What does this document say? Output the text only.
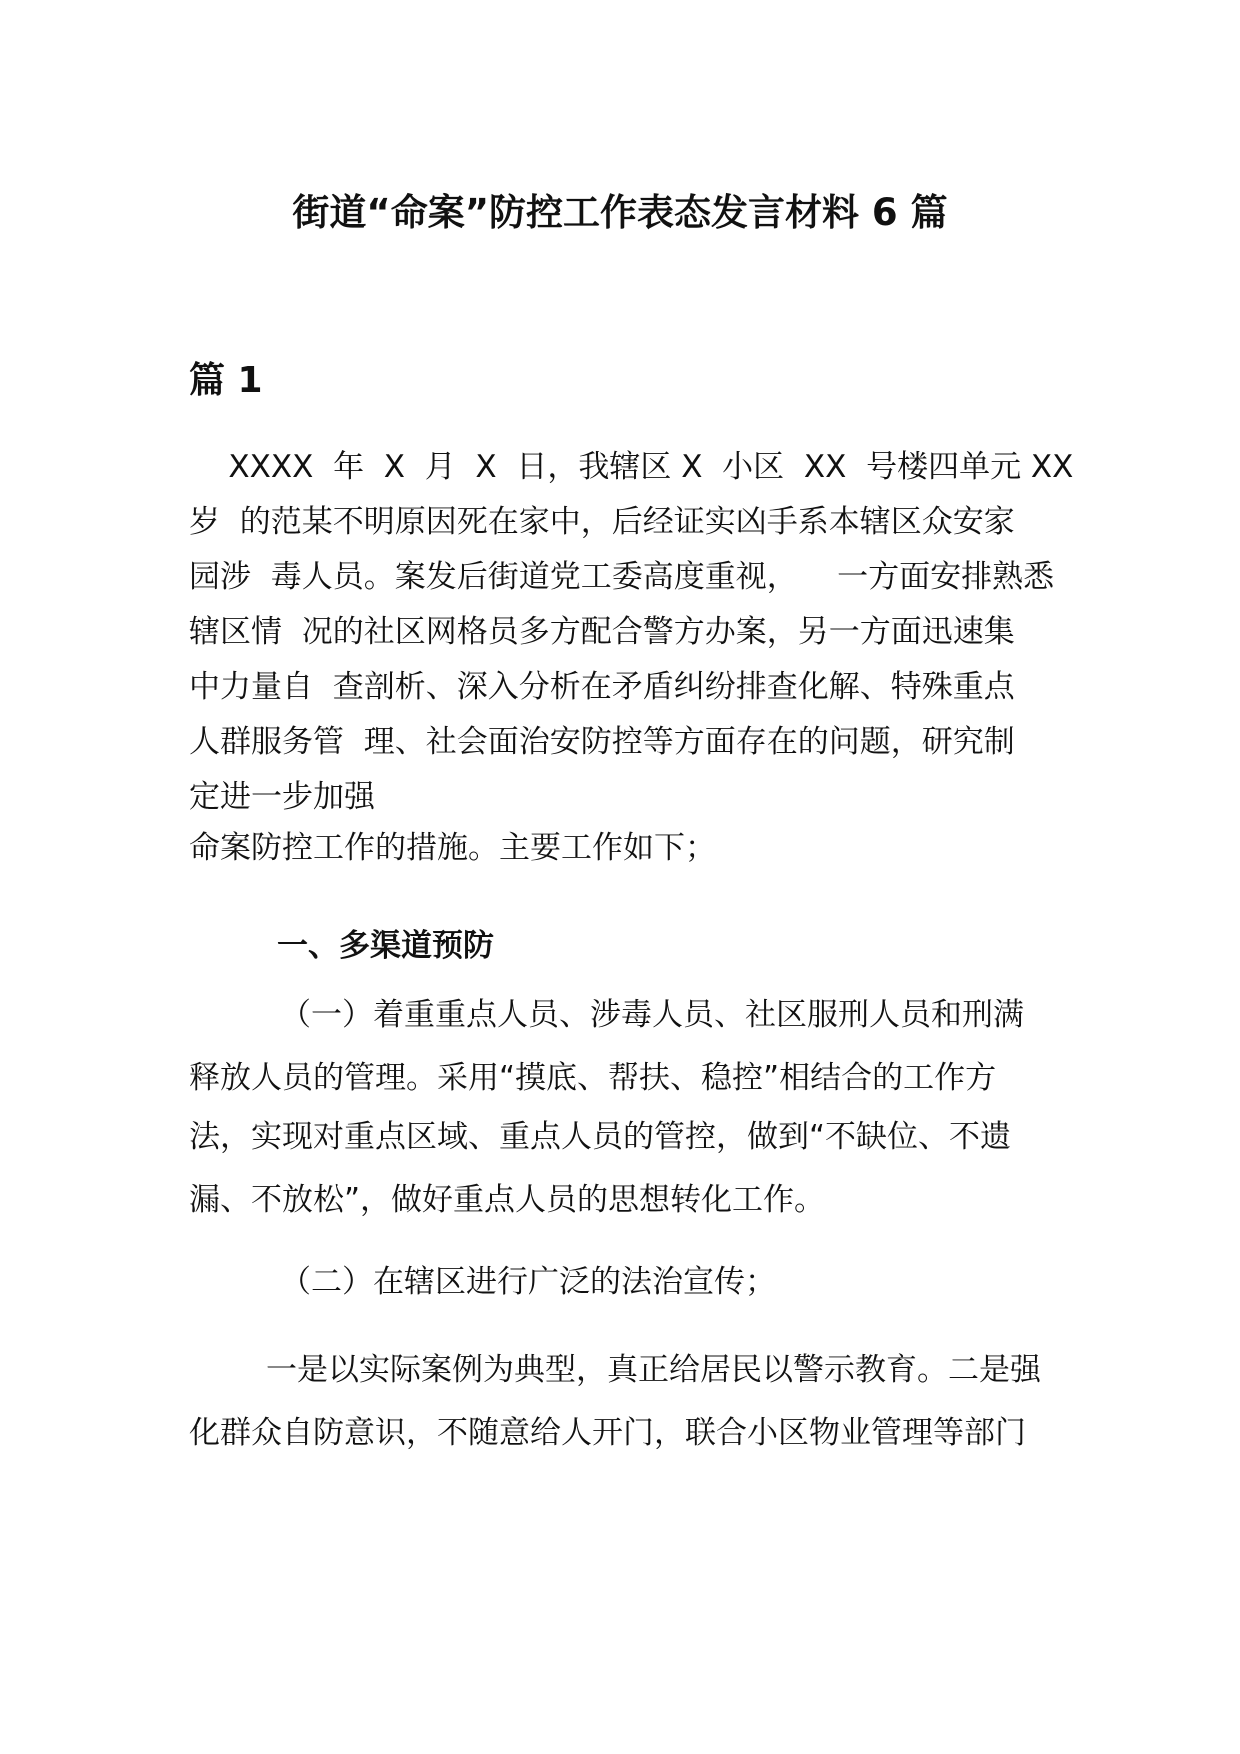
街道“命案”防控工作表态发言材料 6 篇
篇 1
XXXX  年  X  月  X  日，我辖区 X  小区  XX  号楼四单元 XX
岁  的范某不明原因死在家中，后经证实凶手系本辖区众安家
园涉  毒人员。案发后街道党工委高度重视，    一方面安排熟悉
辖区情  况的社区网格员多方配合警方办案，另一方面迅速集
中力量自  查剖析、深入分析在矛盾纠纷排查化解、特殊重点
人群服务管  理、社会面治安防控等方面存在的问题，研究制
定进一步加强
命案防控工作的措施。主要工作如下；
一、多渠道预防
（一）着重重点人员、涉毒人员、社区服刑人员和刑满
释放人员的管理。采用“摸底、帮扶、稳控”相结合的工作方
法，实现对重点区域、重点人员的管控，做到“不缺位、不遗
漏、不放松”，做好重点人员的思想转化工作。
（二）在辖区进行广泛的法治宣传；
一是以实际案例为典型，真正给居民以警示教育。二是强
化群众自防意识，不随意给人开门，联合小区物业管理等部门
